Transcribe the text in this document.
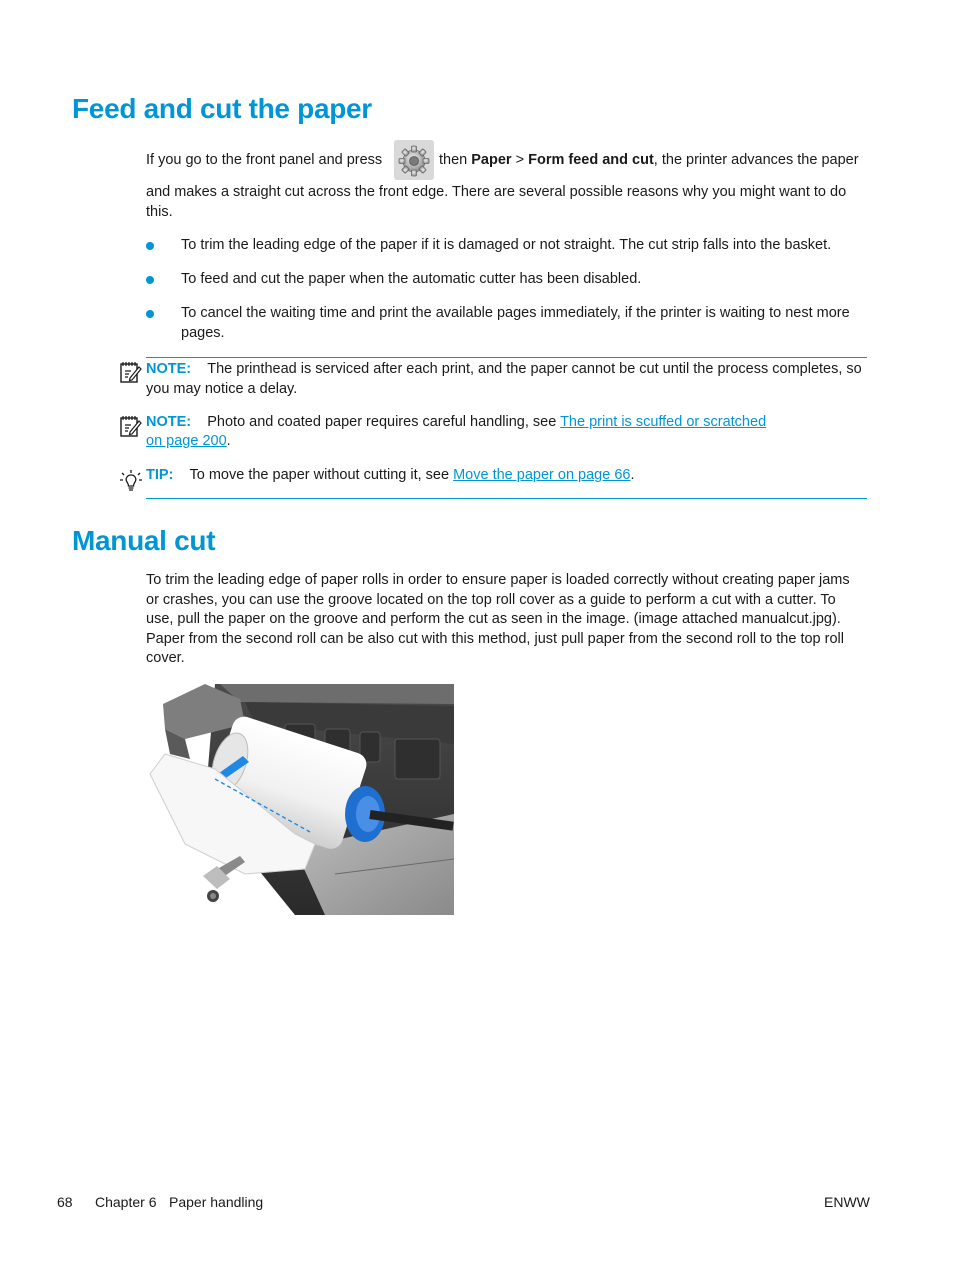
Feed and cut the paper
If you go to the front panel and press	then Paper > Form feed and cut, the printer advances the paper
and makes a straight cut across the front edge. There are several possible reasons why you might want to do this.
To trim the leading edge of the paper if it is damaged or not straight. The cut strip falls into the basket.
To feed and cut the paper when the automatic cutter has been disabled.
To cancel the waiting time and print the available pages immediately, if the printer is waiting to nest more pages.
NOTE: The printhead is serviced after each print, and the paper cannot be cut until the process completes, so you may notice a delay.
NOTE: Photo and coated paper requires careful handling, see The print is scuffed or scratched
on page 200.
TIP: To move the paper without cutting it, see Move the paper on page 66.
Manual cut
To trim the leading edge of paper rolls in order to ensure paper is loaded correctly without creating paper jams or crashes, you can use the groove located on the top roll cover as a guide to perform a cut with a cutter. To use, pull the paper on the groove and perform the cut as seen in the image. (image attached manualcut.jpg). Paper from the second roll can be also cut with this method, just pull paper from the second roll to the top roll cover.
68 Chapter 6 Paper handling	ENWW
